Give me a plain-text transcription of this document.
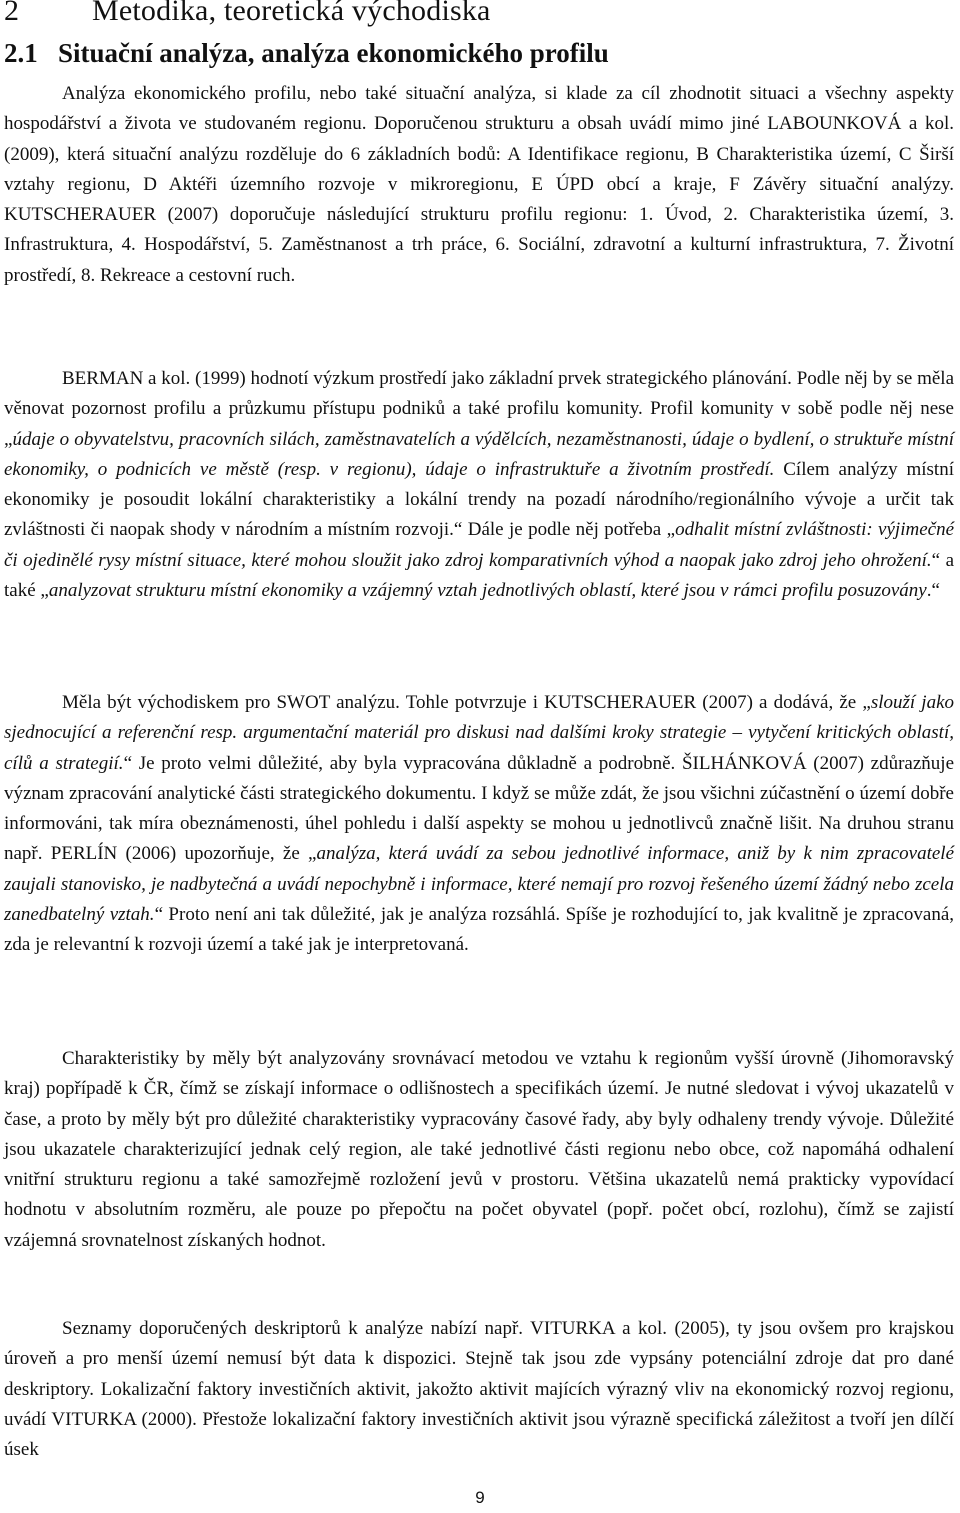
2 Metodika, teoretická východiska
2.1 Situační analýza, analýza ekonomického profilu

Analýza ekonomického profilu, nebo také situační analýza, si klade za cíl zhodnotit situaci a všechny aspekty hospodářství a života ve studovaném regionu. Doporučenou strukturu a obsah uvádí mimo jiné LABOUNKOVÁ a kol. (2009), která situační analýzu rozděluje do 6 základních bodů: A Identifikace regionu, B Charakteristika území, C Širší vztahy regionu, D Aktéři územního rozvoje v mikroregionu, E ÚPD obcí a kraje, F Závěry situační analýzy. KUTSCHERAUER (2007) doporučuje následující strukturu profilu regionu: 1. Úvod, 2. Charakteristika území, 3. Infrastruktura, 4. Hospodářství, 5. Zaměstnanost a trh práce, 6. Sociální, zdravotní a kulturní infrastruktura, 7. Životní prostředí, 8. Rekreace a cestovní ruch.

BERMAN a kol. (1999) hodnotí výzkum prostředí jako základní prvek strategického plánování. Podle něj by se měla věnovat pozornost profilu a průzkumu přístupu podniků a také profilu komunity. Profil komunity v sobě podle něj nese „údaje o obyvatelstvu, pracovních silách, zaměstnavatelích a výdělcích, nezaměstnanosti, údaje o bydlení, o struktuře místní ekonomiky, o podnicích ve městě (resp. v regionu), údaje o infrastruktuře a životním prostředí. Cílem analýzy místní ekonomiky je posoudit lokální charakteristiky a lokální trendy na pozadí národního/regionálního vývoje a určit tak zvláštnosti či naopak shody v národním a místním rozvoji.“ Dále je podle něj potřeba „odhalit místní zvláštnosti: výjimečné či ojedinělé rysy místní situace, které mohou sloužit jako zdroj komparativních výhod a naopak jako zdroj jeho ohrožení.“ a také „analyzovat strukturu místní ekonomiky a vzájemný vztah jednotlivých oblastí, které jsou v rámci profilu posuzovány.“

Měla být východiskem pro SWOT analýzu. Tohle potvrzuje i KUTSCHERAUER (2007) a dodává, že „slouží jako sjednocující a referenční resp. argumentační materiál pro diskusi nad dalšími kroky strategie – vytyčení kritických oblastí, cílů a strategií.“ Je proto velmi důležité, aby byla vypracována důkladně a podrobně. ŠILHÁNKOVÁ (2007) zdůrazňuje význam zpracování analytické části strategického dokumentu. I když se může zdát, že jsou všichni zúčastnění o území dobře informováni, tak míra obeznámenosti, úhel pohledu i další aspekty se mohou u jednotlivců značně lišit. Na druhou stranu např. PERLÍN (2006) upozorňuje, že „analýza, která uvádí za sebou jednotlivé informace, aniž by k nim zpracovatelé zaujali stanovisko, je nadbytečná a uvádí nepochybně i informace, které nemají pro rozvoj řešeného území žádný nebo zcela zanedbatelný vztah.“ Proto není ani tak důležité, jak je analýza rozsáhlá. Spíše je rozhodující to, jak kvalitně je zpracovaná, zda je relevantní k rozvoji území a také jak je interpretovaná.

Charakteristiky by měly být analyzovány srovnávací metodou ve vztahu k regionům vyšší úrovně (Jihomoravský kraj) popřípadě k ČR, čímž se získají informace o odlišnostech a specifikách území. Je nutné sledovat i vývoj ukazatelů v čase, a proto by měly být pro důležité charakteristiky vypracovány časové řady, aby byly odhaleny trendy vývoje. Důležité jsou ukazatele charakterizující jednak celý region, ale také jednotlivé části regionu nebo obce, což napomáhá odhalení vnitřní strukturu regionu a také samozřejmě rozložení jevů v prostoru. Většina ukazatelů nemá prakticky vypovídací hodnotu v absolutním rozměru, ale pouze po přepočtu na počet obyvatel (popř. počet obcí, rozlohu), čímž se zajistí vzájemná srovnatelnost získaných hodnot.

Seznamy doporučených deskriptorů k analýze nabízí např. VITURKA a kol. (2005), ty jsou ovšem pro krajskou úroveň a pro menší území nemusí být data k dispozici. Stejně tak jsou zde vypsány potenciální zdroje dat pro dané deskriptory. Lokalizační faktory investičních aktivit, jakožto aktivit majících výrazný vliv na ekonomický rozvoj regionu, uvádí VITURKA (2000). Přestože lokalizační faktory investičních aktivit jsou výrazně specifická záležitost a tvoří jen dílčí úsek

9
